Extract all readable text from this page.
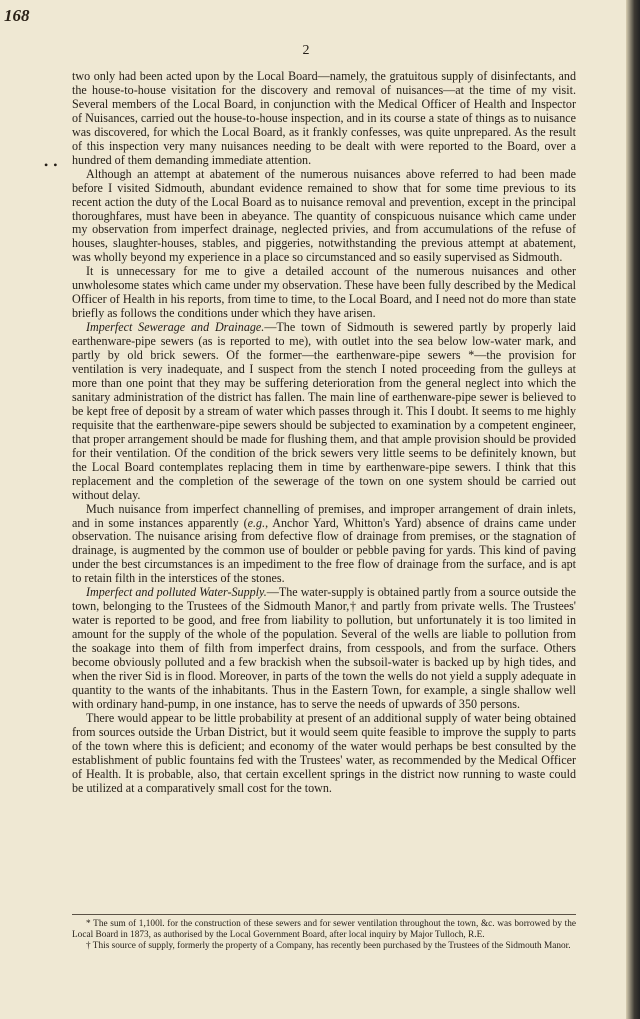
168
2
• •

two only had been acted upon by the Local Board—namely, the gratuitous supply of disinfectants, and the house-to-house visitation for the discovery and removal of nuisances—at the time of my visit. Several members of the Local Board, in conjunction with the Medical Officer of Health and Inspector of Nuisances, carried out the house-to-house inspection, and in its course a state of things as to nuisance was discovered, for which the Local Board, as it frankly confesses, was quite unprepared. As the result of this inspection very many nuisances needing to be dealt with were reported to the Board, over a hundred of them demanding immediate attention.

Although an attempt at abatement of the numerous nuisances above referred to had been made before I visited Sidmouth, abundant evidence remained to show that for some time previous to its recent action the duty of the Local Board as to nuisance removal and prevention, except in the principal thoroughfares, must have been in abeyance. The quantity of conspicuous nuisance which came under my observation from imperfect drainage, neglected privies, and from accumulations of the refuse of houses, slaughter-houses, stables, and piggeries, notwithstanding the previous attempt at abatement, was wholly beyond my experience in a place so circumstanced and so easily supervised as Sidmouth.

It is unnecessary for me to give a detailed account of the numerous nuisances and other unwholesome states which came under my observation. These have been fully described by the Medical Officer of Health in his reports, from time to time, to the Local Board, and I need not do more than state briefly as follows the conditions under which they have arisen.

Imperfect Sewerage and Drainage.—The town of Sidmouth is sewered partly by properly laid earthenware-pipe sewers (as is reported to me), with outlet into the sea below low-water mark, and partly by old brick sewers. Of the former—the earthenware-pipe sewers *—the provision for ventilation is very inadequate, and I suspect from the stench I noted proceeding from the gulleys at more than one point that they may be suffering deterioration from the general neglect into which the sanitary administration of the district has fallen. The main line of earthenware-pipe sewer is believed to be kept free of deposit by a stream of water which passes through it. This I doubt. It seems to me highly requisite that the earthenware-pipe sewers should be subjected to examination by a competent engineer, that proper arrangement should be made for flushing them, and that ample provision should be provided for their ventilation. Of the condition of the brick sewers very little seems to be definitely known, but the Local Board contemplates replacing them in time by earthenware-pipe sewers. I think that this replacement and the completion of the sewerage of the town on one system should be carried out without delay.

Much nuisance from imperfect channelling of premises, and improper arrangement of drain inlets, and in some instances apparently (e.g., Anchor Yard, Whitton's Yard) absence of drains came under observation. The nuisance arising from defective flow of drainage from premises, or the stagnation of drainage, is augmented by the common use of boulder or pebble paving for yards. This kind of paving under the best circumstances is an impediment to the free flow of drainage from the surface, and is apt to retain filth in the interstices of the stones.

Imperfect and polluted Water-Supply.—The water-supply is obtained partly from a source outside the town, belonging to the Trustees of the Sidmouth Manor,† and partly from private wells. The Trustees' water is reported to be good, and free from liability to pollution, but unfortunately it is too limited in amount for the supply of the whole of the population. Several of the wells are liable to pollution from the soakage into them of filth from imperfect drains, from cesspools, and from the surface. Others become obviously polluted and a few brackish when the subsoil-water is backed up by high tides, and when the river Sid is in flood. Moreover, in parts of the town the wells do not yield a supply adequate in quantity to the wants of the inhabitants. Thus in the Eastern Town, for example, a single shallow well with ordinary hand-pump, in one instance, has to serve the needs of upwards of 350 persons.

There would appear to be little probability at present of an additional supply of water being obtained from sources outside the Urban District, but it would seem quite feasible to improve the supply to parts of the town where this is deficient; and economy of the water would perhaps be best consulted by the establishment of public fountains fed with the Trustees' water, as recommended by the Medical Officer of Health. It is probable, also, that certain excellent springs in the district now running to waste could be utilized at a comparatively small cost for the town.

* The sum of 1,100l. for the construction of these sewers and for sewer ventilation throughout the town, &c. was borrowed by the Local Board in 1873, as authorised by the Local Government Board, after local inquiry by Major Tulloch, R.E.

† This source of supply, formerly the property of a Company, has recently been purchased by the Trustees of the Sidmouth Manor.
